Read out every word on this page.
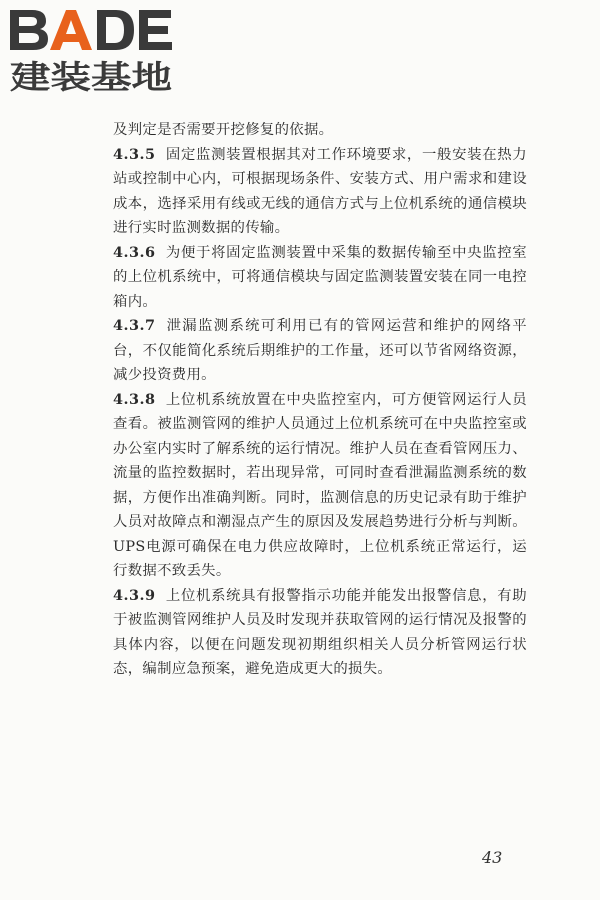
建装基地

及判定是否需要开挖修复的依据。

4.3.5 固定监测装置根据其对工作环境要求，一般安装在热力站或控制中心内，可根据现场条件、安装方式、用户需求和建设成本，选择采用有线或无线的通信方式与上位机系统的通信模块进行实时监测数据的传输。

4.3.6 为便于将固定监测装置中采集的数据传输至中央监控室的上位机系统中，可将通信模块与固定监测装置安装在同一电控箱内。

4.3.7 泄漏监测系统可利用已有的管网运营和维护的网络平台，不仅能简化系统后期维护的工作量，还可以节省网络资源，减少投资费用。

4.3.8 上位机系统放置在中央监控室内，可方便管网运行人员查看。被监测管网的维护人员通过上位机系统可在中央监控室或办公室内实时了解系统的运行情况。维护人员在查看管网压力、流量的监控数据时，若出现异常，可同时查看泄漏监测系统的数据，方便作出准确判断。同时，监测信息的历史记录有助于维护人员对故障点和潮湿点产生的原因及发展趋势进行分析与判断。UPS电源可确保在电力供应故障时，上位机系统正常运行，运行数据不致丢失。

4.3.9 上位机系统具有报警指示功能并能发出报警信息，有助于被监测管网维护人员及时发现并获取管网的运行情况及报警的具体内容，以便在问题发现初期组织相关人员分析管网运行状态，编制应急预案，避免造成更大的损失。

43
